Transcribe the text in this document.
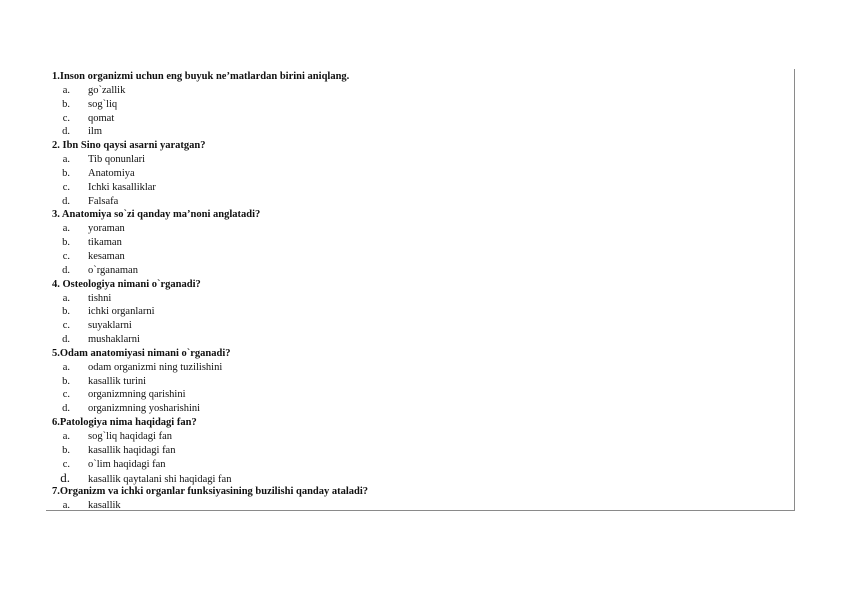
1.Inson organizmi uchun eng buyuk ne’matlardan birini aniqlang.
a. go`zallik
b. sog`liq
c. qomat
d. ilm
2. Ibn Sino qaysi asarni yaratgan?
a. Tib qonunlari
b. Anatomiya
c. Ichki kasalliklar
d. Falsafa
3. Anatomiya so`zi qanday ma’noni anglatadi?
a. yoraman
b. tikaman
c. kesaman
d. o`rganaman
4. Osteologiya nimani o`rganadi?
a. tishni
b. ichki organlarni
c. suyaklarni
d. mushaklarni
5.Odam anatomiyasi nimani o`rganadi?
a. odam organizmi ning tuzilishini
b. kasallik turini
c. organizmning qarishini
d. organizmning yosharishini
6.Patologiya nima haqidagi fan?
a. sog`liq haqidagi fan
b. kasallik haqidagi fan
c. o`lim haqidagi fan
d. kasallik qaytalani shi haqidagi fan
7.Organizm va ichki organlar funksiyasining buzilishi qanday ataladi?
a. kasallik
